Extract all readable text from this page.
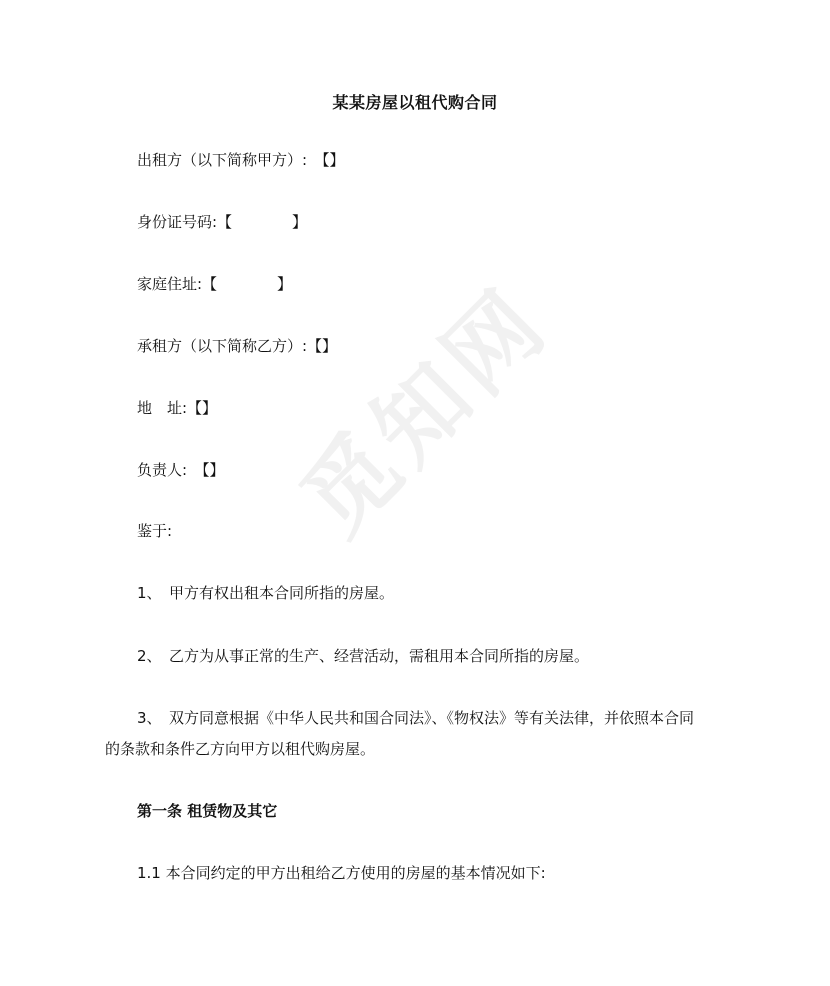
觅知网
某某房屋以租代购合同
出租方（以下简称甲方）:　【】
身份证号码:【　　　　】
家庭住址:【　　　　】
承租方（以下简称乙方）:【】
地　址:【】
负责人:　【】
鉴于:
1、　甲方有权出租本合同所指的房屋。
2、　乙方为从事正常的生产、经营活动，需租用本合同所指的房屋。
3、　双方同意根据《中华人民共和国合同法》、《物权法》等有关法律，并依照本合同
的条款和条件乙方向甲方以租代购房屋。
第一条 租赁物及其它
1.1 本合同约定的甲方出租给乙方使用的房屋的基本情况如下:
